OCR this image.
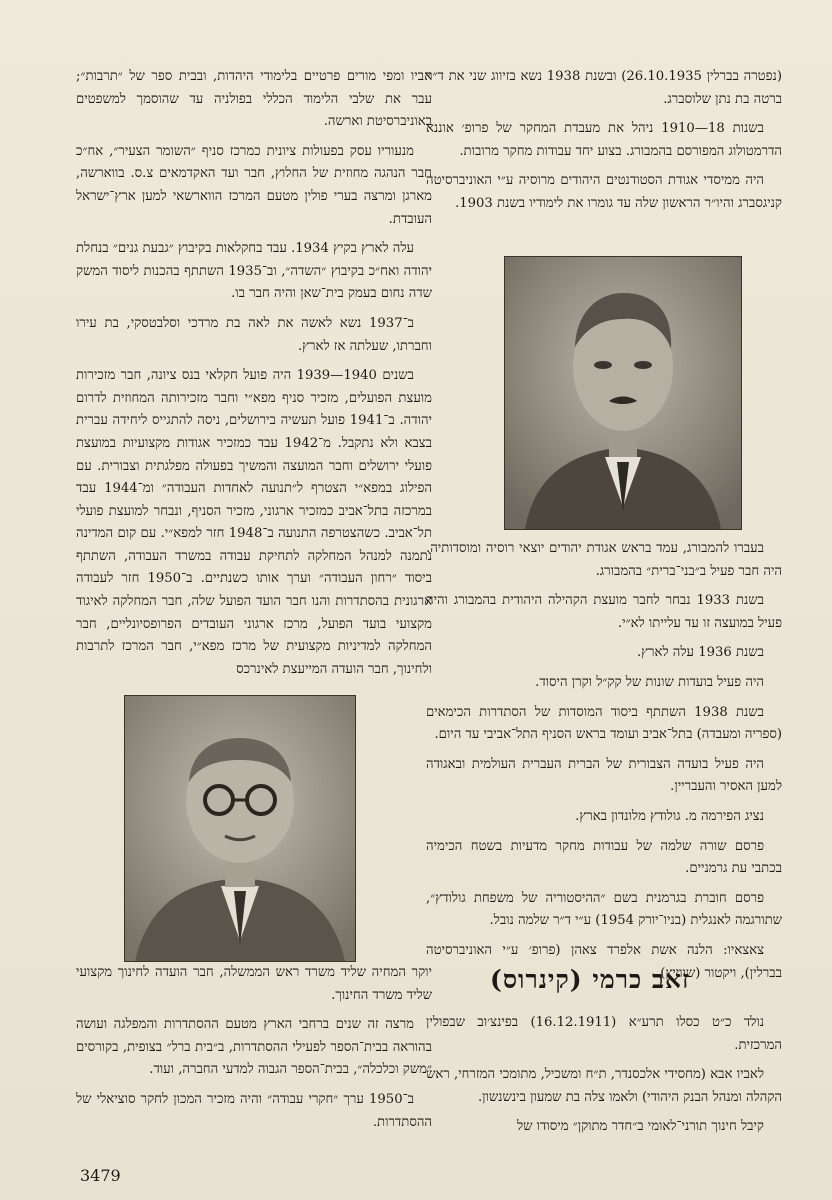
(נפטרה בברלין 26.10.1935) ובשנת 1938 נשא בזיווג שני את ד״ר ברטה בת נתן שלוסברג.

בשנות 18—1910 ניהל את מעבדת המחקר של פרופ׳ אוננא הדרמטולוג המפורסם בהמבורג. בצוע יחד עבודות מחקר מרובות.

היה ממיסדי אגודת הסטודנטים היהודים מרוסיה ע״י האוניברסיטה קניגסברג והיו״ר הראשון שלה עד גומרו את לימודיו בשנת 1903.

בעברו להמבורג, עמד בראש אגודת יהודים יוצאי רוסיה ומוסדותיה. היה חבר פעיל ב״בני־ברית״ בהמבורג.

בשנת 1933 נבחר לחבר מועצת הקהילה היהודית בהמבורג והיה פעיל במועצה זו עד עלייתו לא״י.

בשנת 1936 עלה לארץ.

היה פעיל בועדות שונות של קק״ל וקרן היסוד.

בשנת 1938 השתתף ביסוד המוסדות של הסתדרות הכימאים (ספריה ומעבדה) בתל־אביב ועומד בראש הסניף התל־אביבי עד היום.

היה פעיל בועדה הצבורית של הברית העברית העולמית ובאגודה למען האסיר והעבריין.

נציג הפירמה מ. גולודץ מלונדון בארץ.

פרסם שורה שלמה של עבודות מחקר מדעיות בשטח הכימיה בכתבי עת גרמניים.

פרסם חוברת בגרמנית בשם ״ההיסטוריה של משפחת גולודץ״, שתורגמה לאנגלית (בניו־יורק 1954) ע״י ד״ר שלמה נובל.

צאצאיו: הלנה אשת אלפרד צאהן (פרופ׳ ע״י האוניברסיטה בברלין), ויקטור (שווייץ).

זאב כרמי (קינרוס)

נולד כ״ט כסלו תרע״א (16.12.1911) בפינצ׳וב שבפולין המרכזית.

לאביו אבא (מחסידי אלכסנדר, ת״ח ומשכיל, מתומכי המזרחי, ראש הקהלה ומנהל הבנק היהודי) ולאמו צלה בת שמעון בינשנשון.

קיבל חינוך תורני־לאומי ב״חדר מתוקן״ מיסודו של

אביו ומפי מורים פרטיים בלימודי היהדות, ובבית ספר של ״תרבות״; עבר את שלבי הלימוד הכללי בפולניה עד שהוסמך למשפטים באוניברסיטת וארשה.

מנעוריו עסק בפעולות ציונית כמרכז סניף ״השומר הצעיר״, אח״כ חבר הנהגה מחוזית של החלוץ, חבר ועד האקדמאים צ.ס. בווארשה, מארגן ומרצה בערי פולין מטעם המרכז הווארשאי למען ארץ־ישראל העובדת.

עלה לארץ בקיץ 1934. עבד בחקלאות בקיבוץ ״גבעת גנים״ בנחלת יהודה ואח״כ בקיבוץ ״השדה״, וב־1935 השתתף בהכנות ליסוד המשק שדה נחום בעמק בית־שאן והיה חבר בו.

ב־1937 נשא לאשה את לאה בת מרדכי וסלבטסקי, בת עירו וחברתו, שעלתה אז לארץ.

בשנים 1940—1939 היה פועל חקלאי בנס ציונה, חבר מזכירות מועצת הפועלים, מזכיר סניף מפא״י וחבר מזכירותה המחוזית לדרום יהודה. ב־1941 פועל תעשיה בירושלים, ניסה להתגייס ליחידה עברית בצבא ולא נתקבל. מ־1942 עבד כמזכיר אגודות מקצועיות במועצת פועלי ירושלים וחבר המועצה והמשיך בפעולה מפלגתית וצבורית. עם הפילוג במפא״י הצטרף ל״תנועה לאחדות העבודה״ ומ־1944 עבד במרכזה בתל־אביב כמזכיר ארגוני, מזכיר הסניף, ונבחר למועצת פועלי תל־אביב. כשהצטרפה התנועה ב־1948 חזר למפא״י. עם קום המדינה נתמנה למנהל המחלקה לתחיקת עבודה במשרד העבודה, השתתף ביסוד ״רחון העבודה״ וערך אותו כשנתיים. ב־1950 חזר לעבודה ארגונית בהסתדרות והנו חבר הועד הפועל שלה, חבר המחלקה לאיגוד מקצועי בועד הפועל, מרכז ארגוני העובדים הפרופסיונליים, חבר המחלקה למדיניות מקצועית של מרכז מפא״י, חבר המרכז לתרבות ולחינוך, חבר הועדה המייעצת לאינרכס

יוקר המחיה שליד משרד ראש הממשלה, חבר הועדה לחינוך מקצועי שליד משרד החינוך.

מרצה זה שנים ברחבי הארץ מטעם ההסתדרות והמפלגה ועושה בהוראה בבית־הספר לפעילי ההסתדרות, ב״בית ברל״ בצופית, בקורסים ״משק וכלכלה״, בבית־הספר הגבוה למדעי החברה, ועוד.

ב־1950 ערך ״חקרי עבודה״ והיה מזכיר המכון לחקר סוציאלי של ההסתדרות.

3479
